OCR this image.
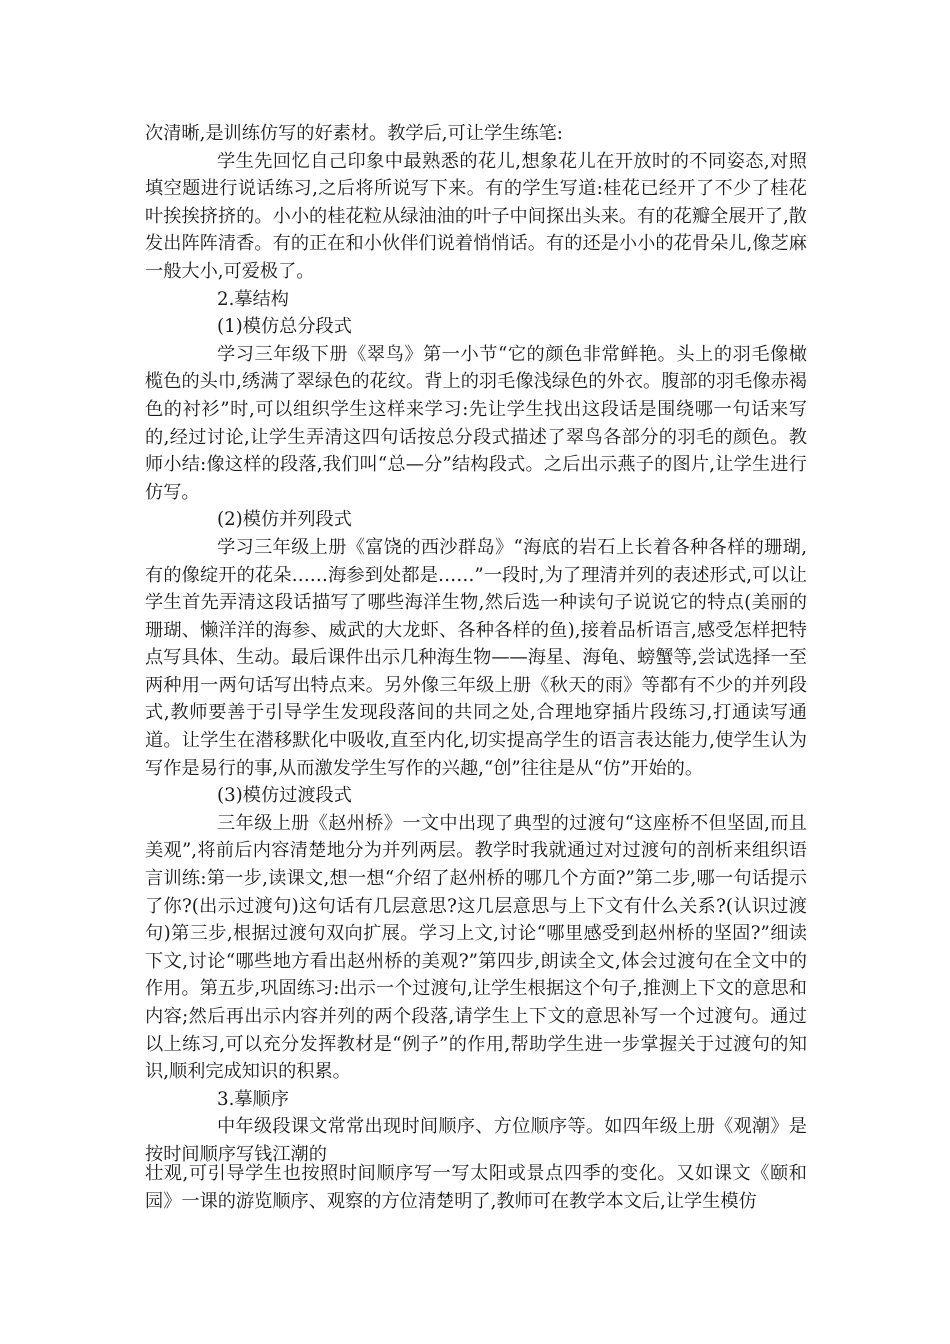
次清晰,是训练仿写的好素材。教学后,可让学生练笔:

学生先回忆自己印象中最熟悉的花儿,想象花儿在开放时的不同姿态,对照填空题进行说话练习,之后将所说写下来。有的学生写道:桂花已经开了不少了桂花叶挨挨挤挤的。小小的桂花粒从绿油油的叶子中间探出头来。有的花瓣全展开了,散发出阵阵清香。有的正在和小伙伴们说着悄悄话。有的还是小小的花骨朵儿,像芝麻一般大小,可爱极了。

2.摹结构

(1)模仿总分段式

学习三年级下册《翠鸟》第一小节“它的颜色非常鲜艳。头上的羽毛像橄榄色的头巾,绣满了翠绿色的花纹。背上的羽毛像浅绿色的外衣。腹部的羽毛像赤褐色的衬衫”时,可以组织学生这样来学习:先让学生找出这段话是围绕哪一句话来写的,经过讨论,让学生弄清这四句话按总分段式描述了翠鸟各部分的羽毛的颜色。教师小结:像这样的段落,我们叫“总—分”结构段式。之后出示燕子的图片,让学生进行仿写。

(2)模仿并列段式

学习三年级上册《富饶的西沙群岛》“海底的岩石上长着各种各样的珊瑚,有的像绽开的花朵……海参到处都是……”一段时,为了理清并列的表述形式,可以让学生首先弄清这段话描写了哪些海洋生物,然后选一种读句子说说它的特点(美丽的珊瑚、懒洋洋的海参、威武的大龙虾、各种各样的鱼),接着品析语言,感受怎样把特点写具体、生动。最后课件出示几种海生物——海星、海龟、螃蟹等,尝试选择一至两种用一两句话写出特点来。另外像三年级上册《秋天的雨》等都有不少的并列段式,教师要善于引导学生发现段落间的共同之处,合理地穿插片段练习,打通读写通道。让学生在潜移默化中吸收,直至内化,切实提高学生的语言表达能力,使学生认为写作是易行的事,从而激发学生写作的兴趣,“创”往往是从“仿”开始的。

(3)模仿过渡段式

三年级上册《赵州桥》一文中出现了典型的过渡句“这座桥不但坚固,而且美观”,将前后内容清楚地分为并列两层。教学时我就通过对过渡句的剖析来组织语言训练:第一步,读课文,想一想“介绍了赵州桥的哪几个方面?”第二步,哪一句话提示了你?(出示过渡句)这句话有几层意思?这几层意思与上下文有什么关系?(认识过渡句)第三步,根据过渡句双向扩展。学习上文,讨论“哪里感受到赵州桥的坚固?”细读下文,讨论“哪些地方看出赵州桥的美观?”第四步,朗读全文,体会过渡句在全文中的作用。第五步,巩固练习:出示一个过渡句,让学生根据这个句子,推测上下文的意思和内容;然后再出示内容并列的两个段落,请学生上下文的意思补写一个过渡句。通过以上练习,可以充分发挥教材是“例子”的作用,帮助学生进一步掌握关于过渡句的知识,顺利完成知识的积累。

3.摹顺序

中年级段课文常常出现时间顺序、方位顺序等。如四年级上册《观潮》是按时间顺序写钱江潮的

壮观,可引导学生也按照时间顺序写一写太阳或景点四季的变化。又如课文《颐和园》一课的游览顺序、观察的方位清楚明了,教师可在教学本文后,让学生模仿
